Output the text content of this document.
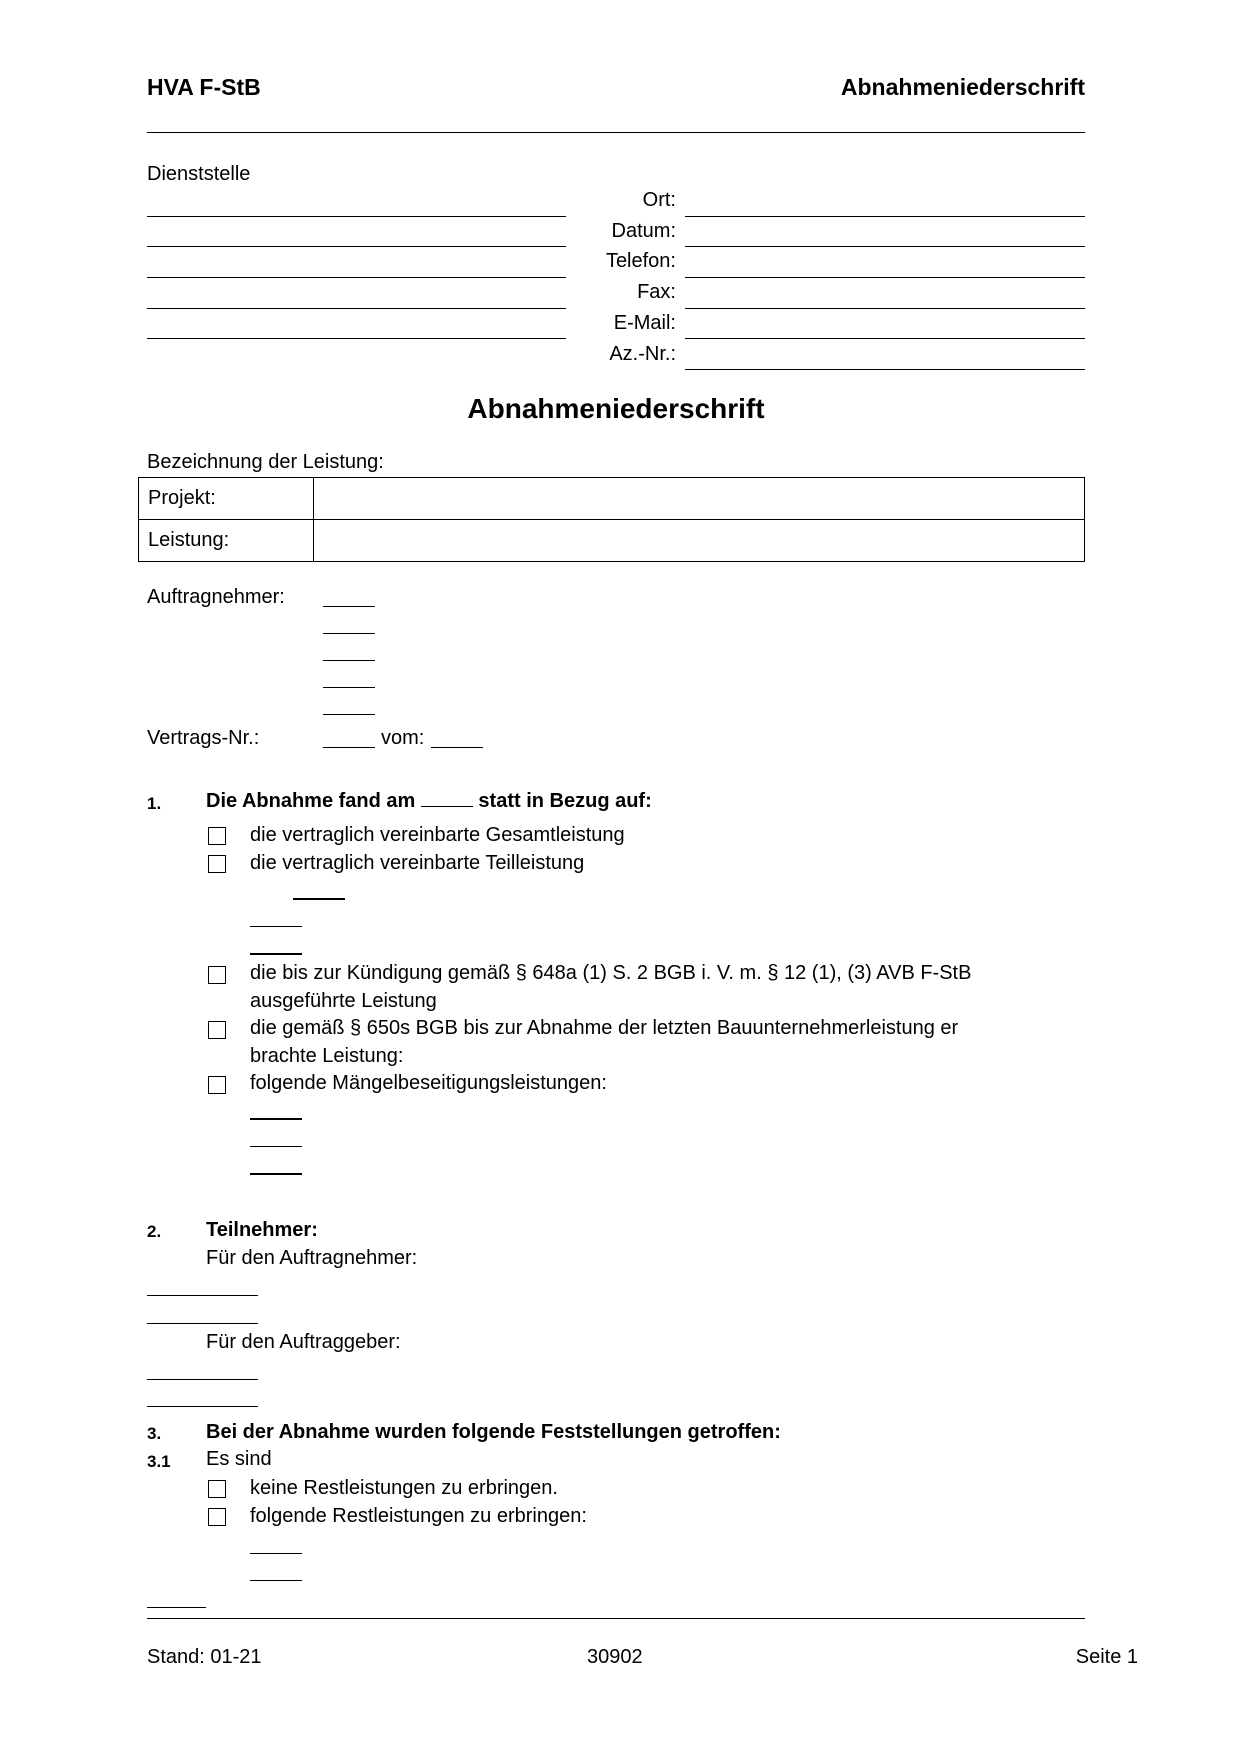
HVA F-StB	Abnahmeniederschrift
Dienststelle
Ort:
Datum:
Telefon:
Fax:
E-Mail:
Az.-Nr.:
Abnahmeniederschrift
Bezeichnung der Leistung:
Projekt:	
Leistung:	
Auftragnehmer:
Vertrags-Nr.:	vom:
1. Die Abnahme fand am	statt in Bezug auf:
die vertraglich vereinbarte Gesamtleistung
die vertraglich vereinbarte Teilleistung
die bis zur Kündigung gemäß § 648a (1) S. 2 BGB i. V. m. § 12 (1), (3) AVB F-StB
ausgeführte Leistung
die gemäß § 650s BGB bis zur Abnahme der letzten Bauunternehmerleistung er
brachte Leistung:
folgende Mängelbeseitigungsleistungen:
2. Teilnehmer:
Für den Auftragnehmer:
Für den Auftraggeber:
3. Bei der Abnahme wurden folgende Feststellungen getroffen:
3.1 Es sind
keine Restleistungen zu erbringen.
folgende Restleistungen zu erbringen:
Stand: 01-21	30902	Seite 1
